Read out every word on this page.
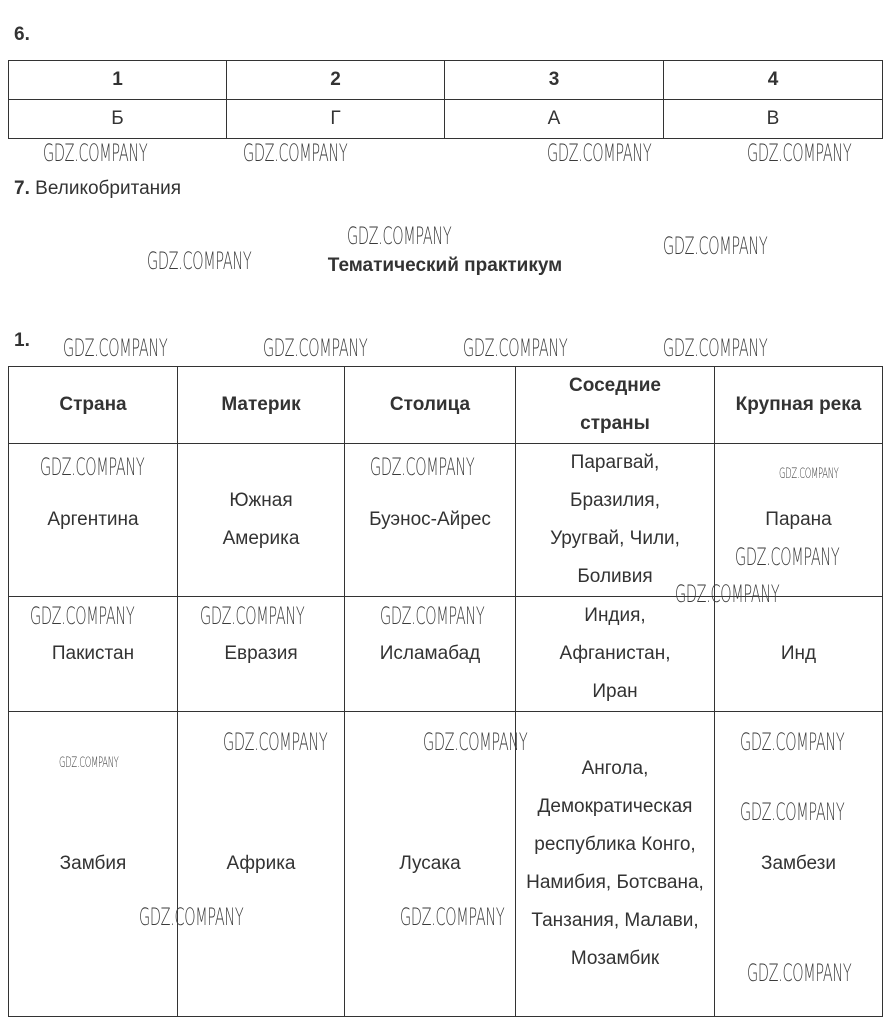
6.
1	2	3	4
Б	Г	А	В
7. Великобритания
Тематический практикум
1.
Страна	Материк	Столица	Соседние страны	Крупная река
Аргентина	Южная Америка	Буэнос-Айрес	Парагвай, Бразилия, Уругвай, Чили, Боливия	Парана
Пакистан	Евразия	Исламабад	Индия, Афганистан, Иран	Инд
Замбия	Африка	Лусака	Ангола, Демократическая республика Конго, Намибия, Ботсвана, Танзания, Малави, Мозамбик	Замбези
GDZ.COMPANY	GDZ.COMPANY	GDZ.COMPANY	GDZ.COMPANY
GDZ.COMPANY
GDZ.COMPANY	GDZ.COMPANY
GDZ.COMPANY	GDZ.COMPANY
GDZ.COMPANY	GDZ.COMPANY
GDZ.COMPANY
GDZ.COMPANY
GDZ.COMPANY	GDZ.COMPANY
GDZ.COMPANY
GDZ.COMPANY
GDZ.COMPANY	GDZ.COMPANY
GDZ.COMPANY
GDZ.COMPANY	GDZ.COMPANY	GDZ.COMPANY
GDZ.COMPANY
GDZ.COMPANY	GDZ.COMPANY
GDZ.COMPANY
